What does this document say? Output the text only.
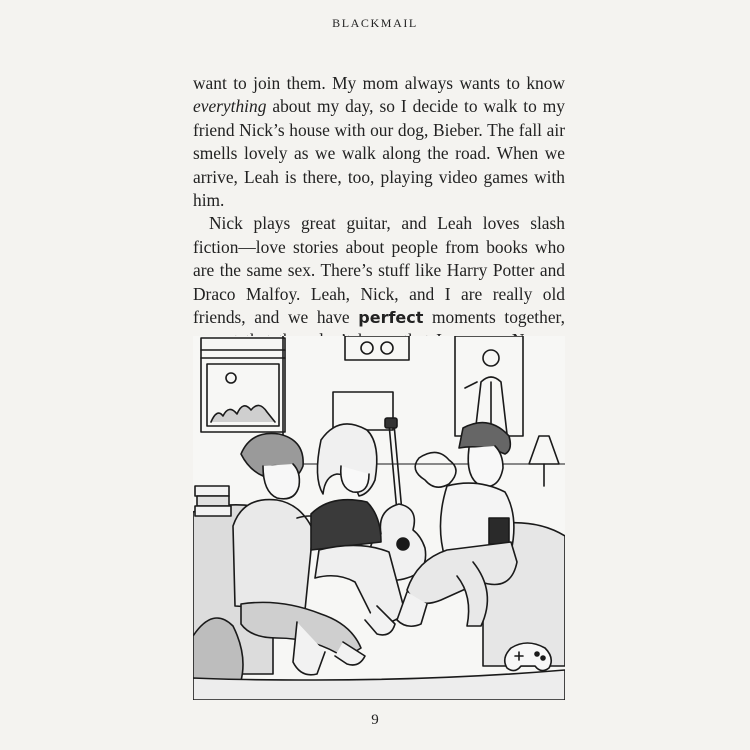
BLACKMAIL

want to join them. My mom always wants to know everything about my day, so I decide to walk to my friend Nick’s house with our dog, Bieber. The fall air smells lovely as we walk along the road. When we arrive, Leah is there, too, playing video games with him.

Nick plays great guitar, and Leah loves slash fiction—love stories about people from books who are the same sex. There’s stuff like Harry Potter and Draco Malfoy. Leah, Nick, and I are really old friends, and we have perfect moments together,

9
